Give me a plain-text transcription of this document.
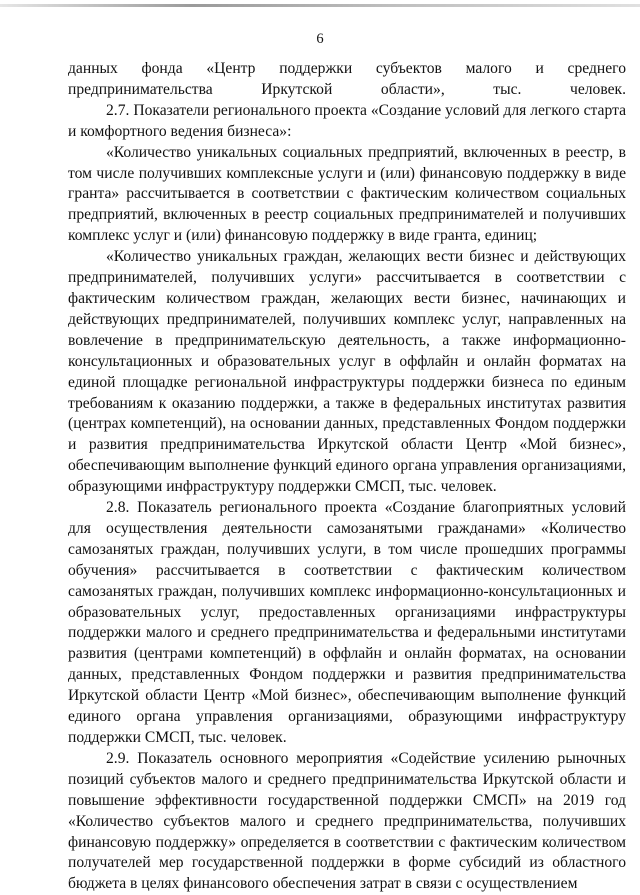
6

данных фонда «Центр поддержки субъектов малого и среднего предпринимательства Иркутской области», тыс. человек.

2.7. Показатели регионального проекта «Создание условий для легкого старта и комфортного ведения бизнеса»:

«Количество уникальных социальных предприятий, включенных в реестр, в том числе получивших комплексные услуги и (или) финансовую поддержку в виде гранта» рассчитывается в соответствии с фактическим количеством социальных предприятий, включенных в реестр социальных предпринимателей и получивших комплекс услуг и (или) финансовую поддержку в виде гранта, единиц;

«Количество уникальных граждан, желающих вести бизнес и действующих предпринимателей, получивших услуги» рассчитывается в соответствии с фактическим количеством граждан, желающих вести бизнес, начинающих и действующих предпринимателей, получивших комплекс услуг, направленных на вовлечение в предпринимательскую деятельность, а также информационно-консультационных и образовательных услуг в оффлайн и онлайн форматах на единой площадке региональной инфраструктуры поддержки бизнеса по единым требованиям к оказанию поддержки, а также в федеральных институтах развития (центрах компетенций), на основании данных, представленных Фондом поддержки и развития предпринимательства Иркутской области Центр «Мой бизнес», обеспечивающим выполнение функций единого органа управления организациями, образующими инфраструктуру поддержки СМСП, тыс. человек.

2.8. Показатель регионального проекта «Создание благоприятных условий для осуществления деятельности самозанятыми гражданами» «Количество самозанятых граждан, получивших услуги, в том числе прошедших программы обучения» рассчитывается в соответствии с фактическим количеством самозанятых граждан, получивших комплекс информационно-консультационных и образовательных услуг, предоставленных организациями инфраструктуры поддержки малого и среднего предпринимательства и федеральными институтами развития (центрами компетенций) в оффлайн и онлайн форматах, на основании данных, представленных Фондом поддержки и развития предпринимательства Иркутской области Центр «Мой бизнес», обеспечивающим выполнение функций единого органа управления организациями, образующими инфраструктуру поддержки СМСП, тыс. человек.

2.9. Показатель основного мероприятия «Содействие усилению рыночных позиций субъектов малого и среднего предпринимательства Иркутской области и повышение эффективности государственной поддержки СМСП» на 2019 год «Количество субъектов малого и среднего предпринимательства, получивших финансовую поддержку» определяется в соответствии с фактическим количеством получателей мер государственной поддержки в форме субсидий из областного бюджета в целях финансового обеспечения затрат в связи с осуществлением
